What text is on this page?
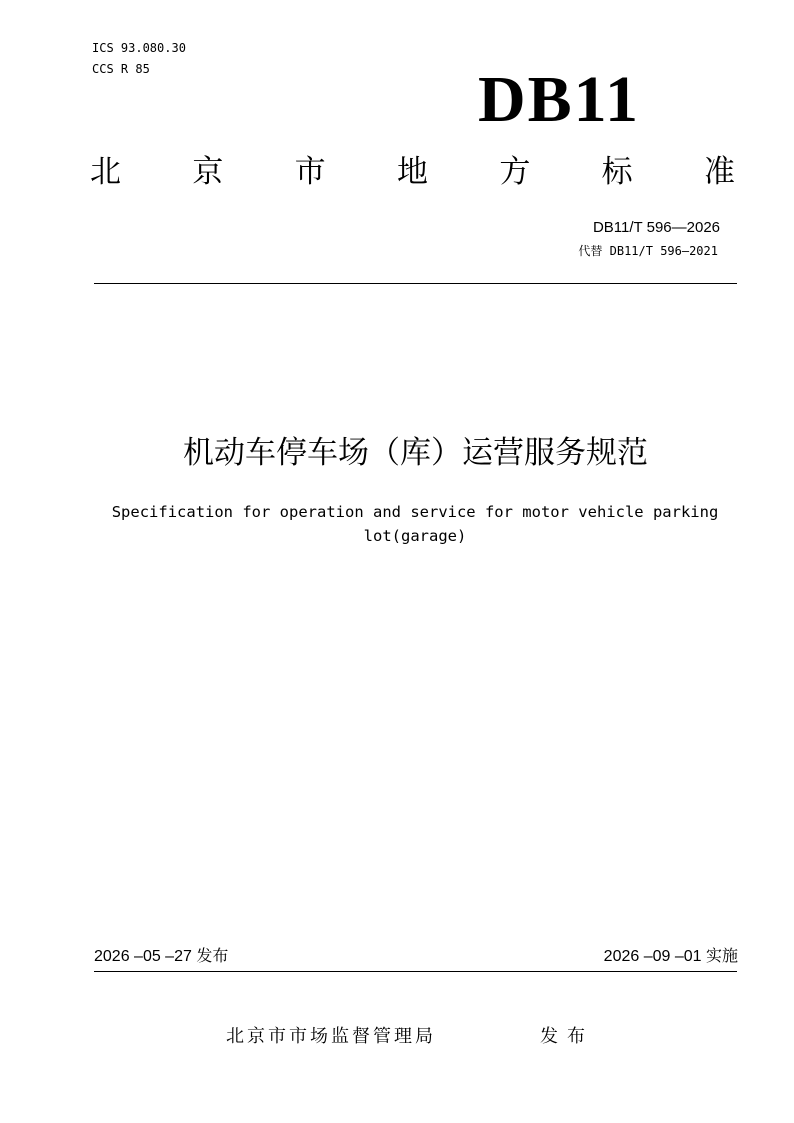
ICS 93.080.30
CCS R 85	DB11
北 京 市 地 方 标 准
DB11/T 596—2026
代替 DB11/T 596—2021
机动车停车场（库）运营服务规范
Specification for operation and service for motor vehicle parking lot(garage)
2026 –05 –27 发布	2026 –09 –01 实施
北京市市场监督管理局	发布
